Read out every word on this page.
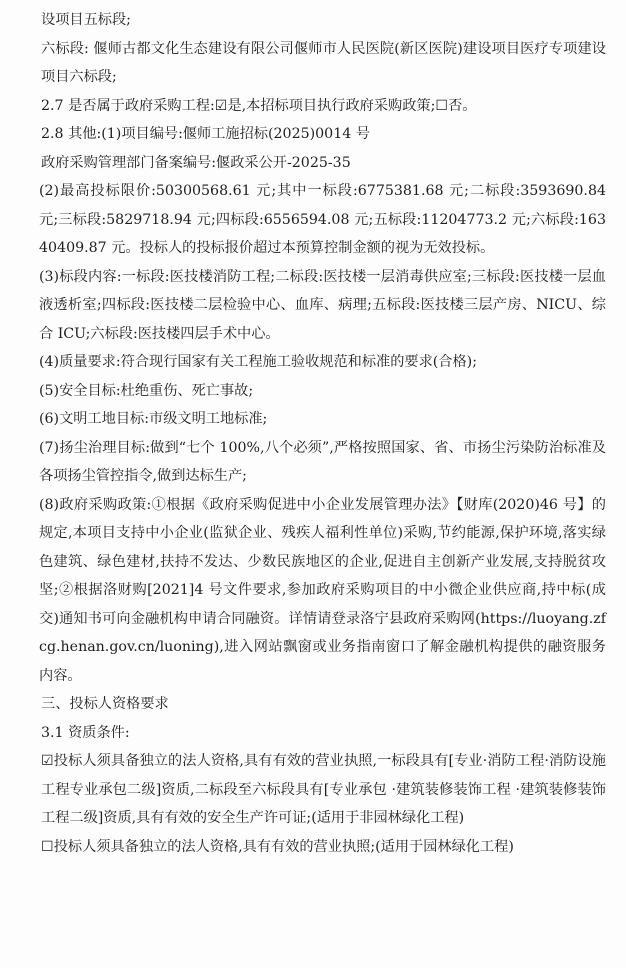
设项目五标段;

六标段: 偃师古都文化生态建设有限公司偃师市人民医院(新区医院)建设项目医疗专项建设项目六标段;

2.7 是否属于政府采购工程:☑是,本招标项目执行政府采购政策;☐否。

2.8 其他:(1)项目编号:偃师工施招标(2025)0014 号

政府采购管理部门备案编号:偃政采公开-2025-35

(2)最高投标限价:50300568.61 元;其中一标段:6775381.68 元;二标段:3593690.84 元;三标段:5829718.94 元;四标段:6556594.08 元;五标段:11204773.2 元;六标段:16340409.87 元。投标人的投标报价超过本预算控制金额的视为无效投标。

(3)标段内容:一标段:医技楼消防工程;二标段:医技楼一层消毒供应室;三标段:医技楼一层血液透析室;四标段:医技楼二层检验中心、血库、病理;五标段:医技楼三层产房、NICU、综合 ICU;六标段:医技楼四层手术中心。

(4)质量要求:符合现行国家有关工程施工验收规范和标准的要求(合格);

(5)安全目标:杜绝重伤、死亡事故;

(6)文明工地目标:市级文明工地标准;

(7)扬尘治理目标:做到“七个 100%,八个必须”,严格按照国家、省、市扬尘污染防治标准及各项扬尘管控指令,做到达标生产;

(8)政府采购政策:①根据《政府采购促进中小企业发展管理办法》【财库(2020)46 号】的规定,本项目支持中小企业(监狱企业、残疾人福利性单位)采购,节约能源,保护环境,落实绿色建筑、绿色建材,扶持不发达、少数民族地区的企业,促进自主创新产业发展,支持脱贫攻坚;②根据洛财购[2021]4 号文件要求,参加政府采购项目的中小微企业供应商,持中标(成交)通知书可向金融机构申请合同融资。详情请登录洛宁县政府采购网(https://luoyang.zfcg.henan.gov.cn/luoning),进入网站飘窗或业务指南窗口了解金融机构提供的融资服务内容。

三、投标人资格要求

3.1 资质条件:

☑投标人须具备独立的法人资格,具有有效的营业执照,一标段具有[专业·消防工程·消防设施工程专业承包二级]资质,二标段至六标段具有[专业承包 ·建筑装修装饰工程 ·建筑装修装饰工程二级]资质,具有有效的安全生产许可证;(适用于非园林绿化工程)

☐投标人须具备独立的法人资格,具有有效的营业执照;(适用于园林绿化工程)
